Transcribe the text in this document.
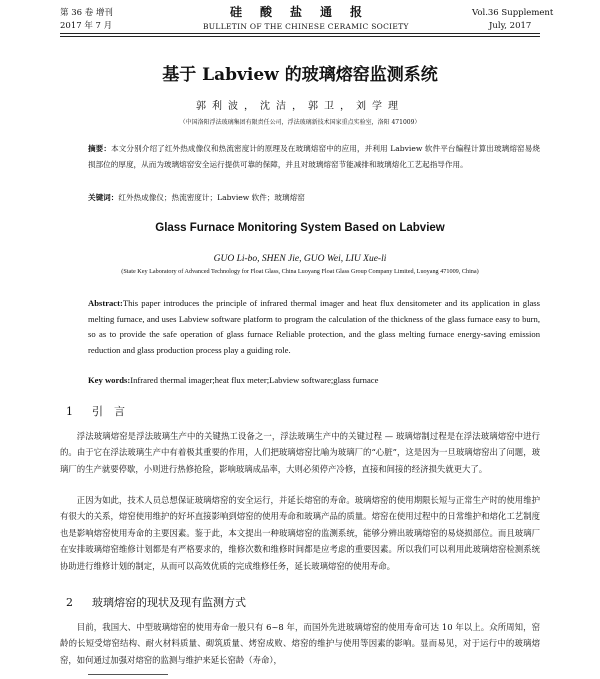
第 36 卷 增刊
2017 年 7 月
硅酸盐通报
BULLETIN OF THE CHINESE CERAMIC SOCIETY
Vol.36 Supplement
July, 2017
基于 Labview 的玻璃熔窑监测系统
郭利波，沈洁，郭卫，刘学理
（中国洛阳浮法玻璃集团有限责任公司，浮法玻璃新技术国家重点实验室，洛阳 471009）
摘要：本文分别介绍了红外热成像仪和热流密度计的原理及在玻璃熔窑中的应用，并利用 Labview 软件平台编程计算出玻璃熔窑易烧损部位的厚度，从而为玻璃熔窑安全运行提供可靠的保障，并且对玻璃熔窑节能减排和玻璃熔化工艺起指导作用。
关键词：红外热成像仪；热流密度计；Labview 软件；玻璃熔窑
Glass Furnace Monitoring System Based on Labview
GUO Li-bo, SHEN Jie, GUO Wei, LIU Xue-li
(State Key Laboratory of Advanced Technology for Float Glass, China Luoyang Float Glass Group Company Limited, Luoyang 471009, China)
Abstract:This paper introduces the principle of infrared thermal imager and heat flux densitometer and its application in glass melting furnace, and uses Labview software platform to program the calculation of the thickness of the glass furnace easy to burn, so as to provide the safe operation of glass furnace Reliable protection, and the glass melting furnace energy-saving emission reduction and glass production process play a guiding role.
Key words:Infrared thermal imager;heat flux meter;Labview software;glass furnace
1 引　言
浮法玻璃熔窑是浮法玻璃生产中的关键热工设备之一，浮法玻璃生产中的关键过程 — 玻璃熔制过程是在浮法玻璃熔窑中进行的。由于它在浮法玻璃生产中有着极其重要的作用，人们把玻璃熔窑比喻为玻璃厂的“心脏”，这是因为一旦玻璃熔窑出了问题，玻璃厂的生产就要停歇，小则进行热修抢险，影响玻璃成品率，大则必须停产冷修，直接和间接的经济损失就更大了。
正因为如此，技术人员总想保证玻璃熔窑的安全运行，并延长熔窑的寿命。玻璃熔窑的使用期限长短与正常生产时的使用维护有很大的关系，熔窑使用维护的好坏直接影响到熔窑的使用寿命和玻璃产品的质量。熔窑在使用过程中的日常维护和熔化工艺制度也是影响熔窑使用寿命的主要因素。鉴于此，本文提出一种玻璃熔窑的监测系统，能够分辨出玻璃熔窑的易烧损部位。而且玻璃厂在安排玻璃熔窑维修计划都是有严格要求的，维修次数和维修时间都是应考虑的重要因素。所以我们可以利用此玻璃熔窑检测系统协助进行维修计划的制定，从而可以高效优质的完成维修任务，延长玻璃熔窑的使用寿命。
2 玻璃熔窑的现状及现有监测方式
目前，我国大、中型玻璃熔窑的使用寿命一般只有 6~8 年，而国外先进玻璃熔窑的使用寿命可达 10 年以上。众所周知，窑龄的长短受熔窑结构、耐火材料质量、砌筑质量、烤窑成败、熔窑的维护与使用等因素的影响。显而易见，对于运行中的玻璃熔窑，如何通过加强对熔窑的监测与维护来延长窑龄（寿命），
